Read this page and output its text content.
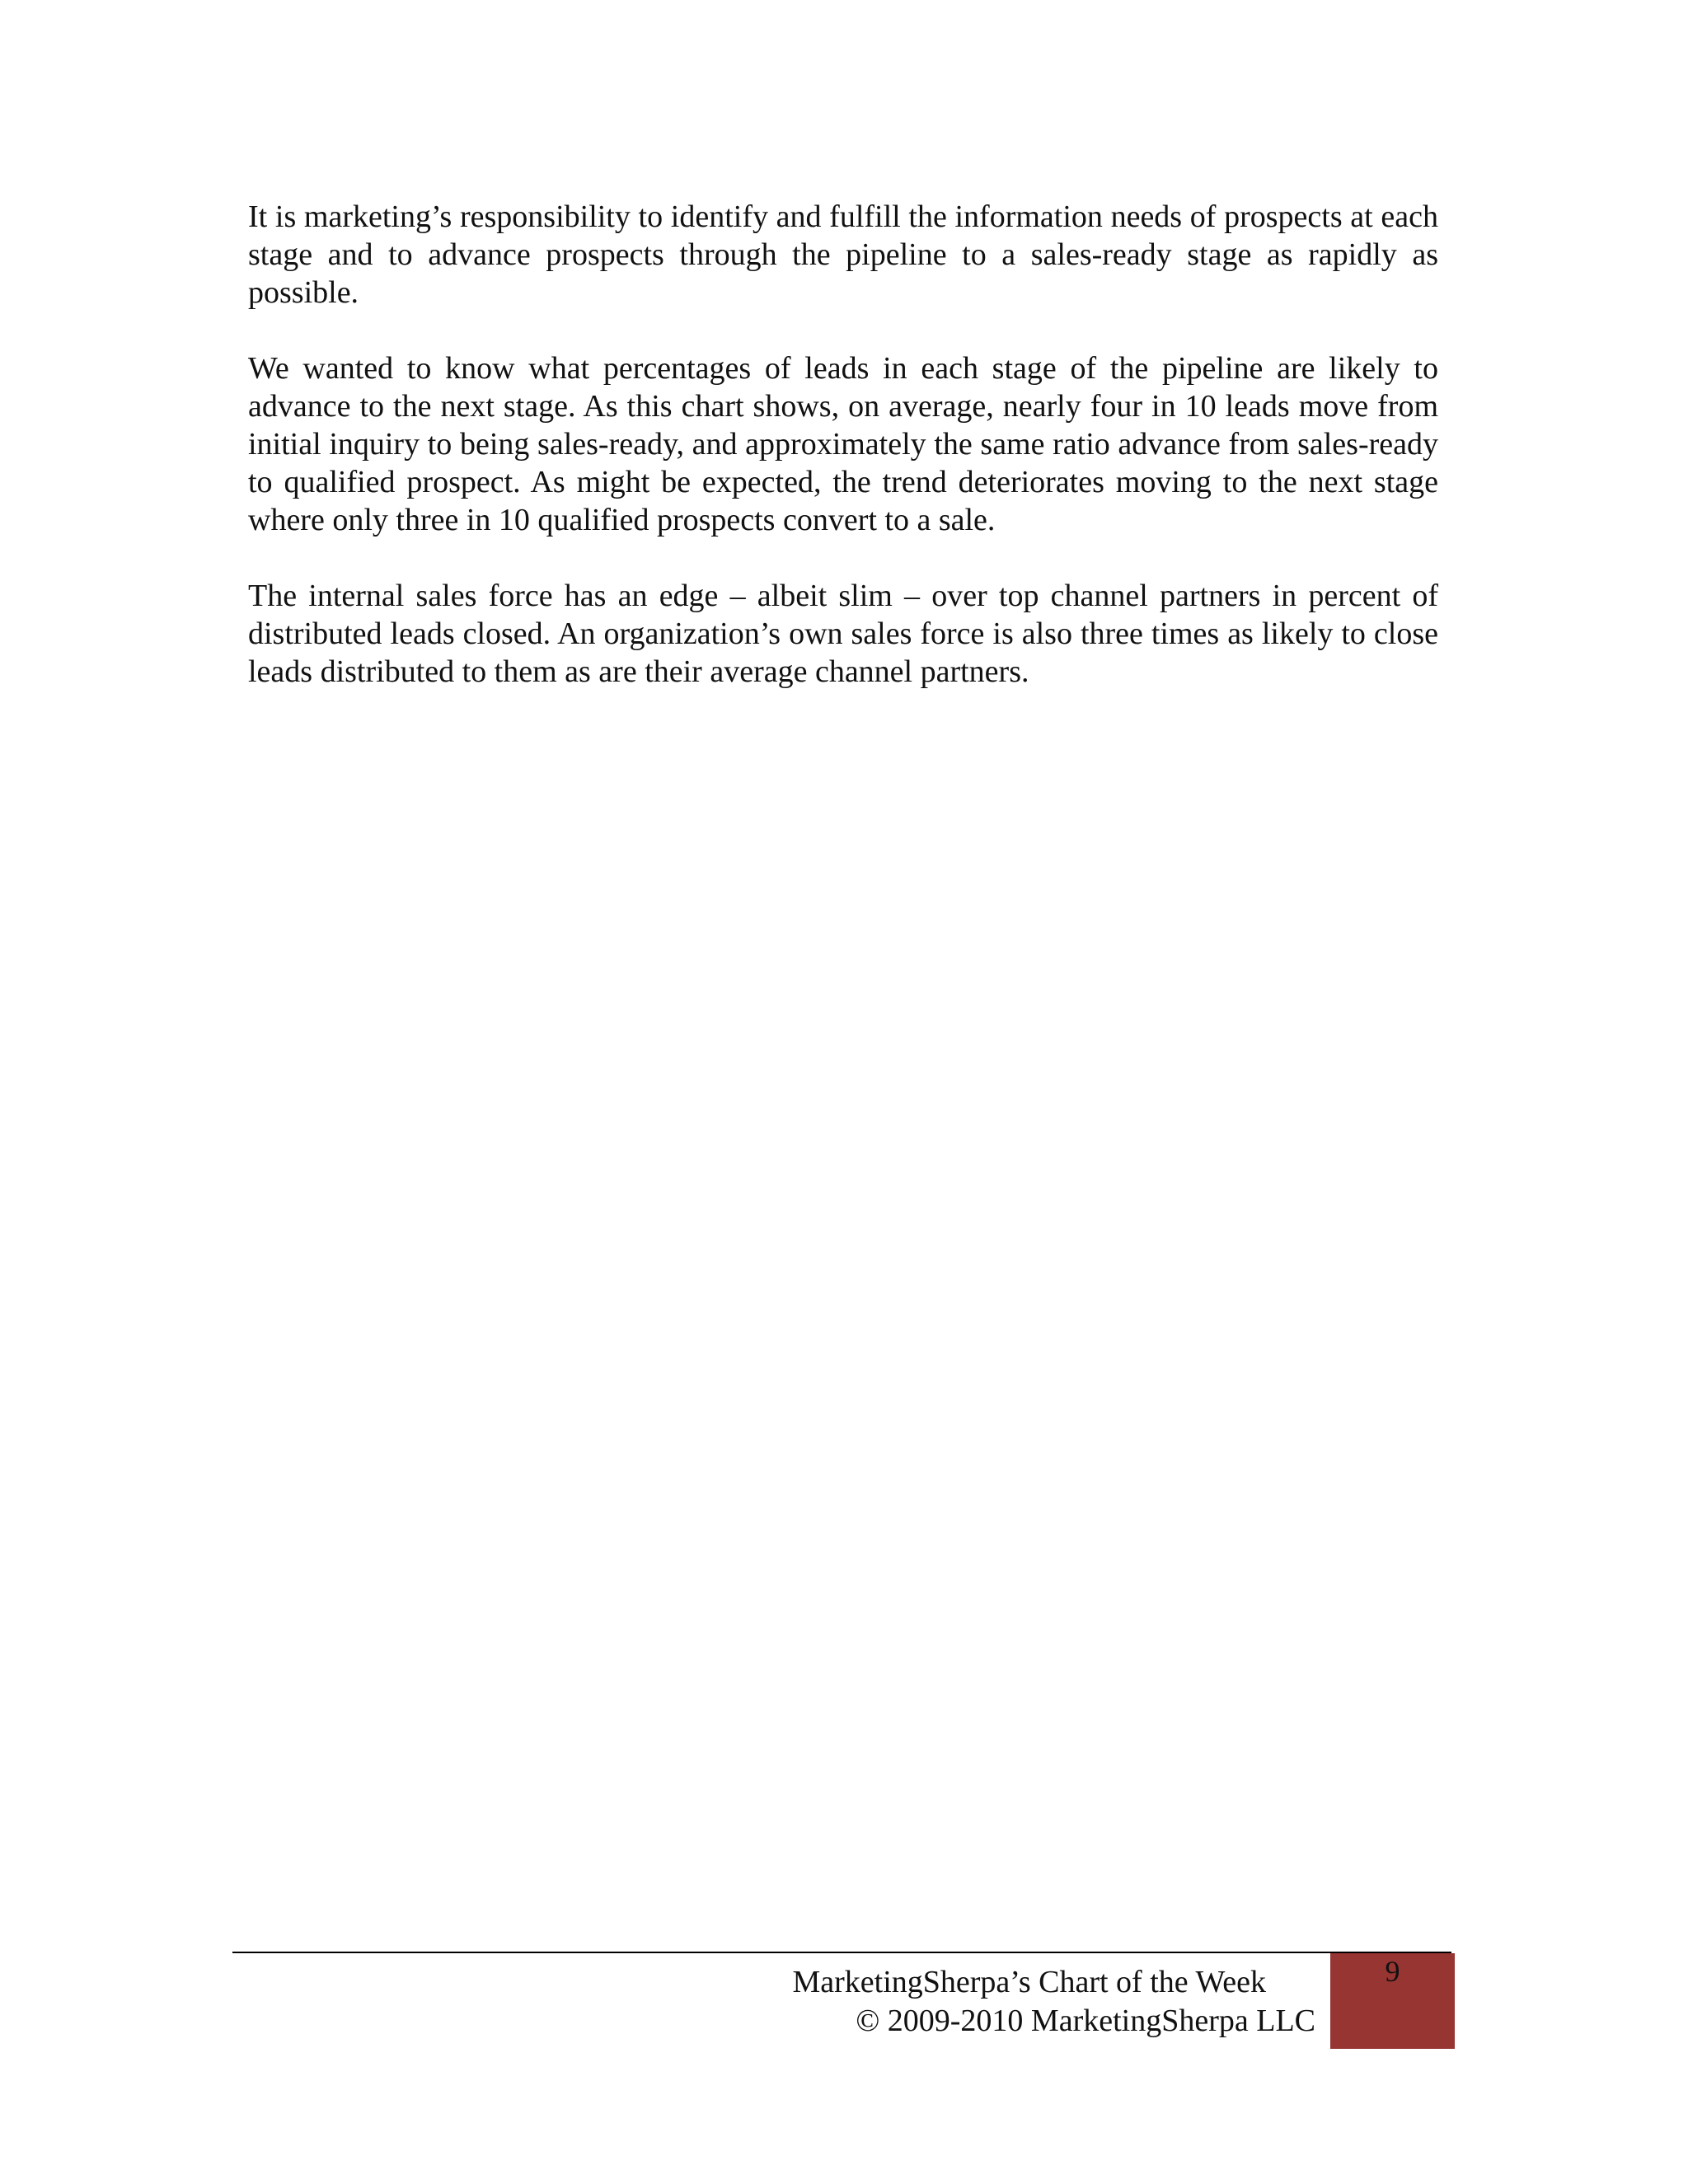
It is marketing’s responsibility to identify and fulfill the information needs of prospects at each stage and to advance prospects through the pipeline to a sales-ready stage as rapidly as possible.

We wanted to know what percentages of leads in each stage of the pipeline are likely to advance to the next stage. As this chart shows, on average, nearly four in 10 leads move from initial inquiry to being sales-ready, and approximately the same ratio advance from sales-ready to qualified prospect. As might be expected, the trend deteriorates moving to the next stage where only three in 10 qualified prospects convert to a sale.

The internal sales force has an edge – albeit slim – over top channel partners in percent of distributed leads closed. An organization’s own sales force is also three times as likely to close leads distributed to them as are their average channel partners.

MarketingSherpa’s Chart of the Week
© 2009-2010 MarketingSherpa LLC
9
